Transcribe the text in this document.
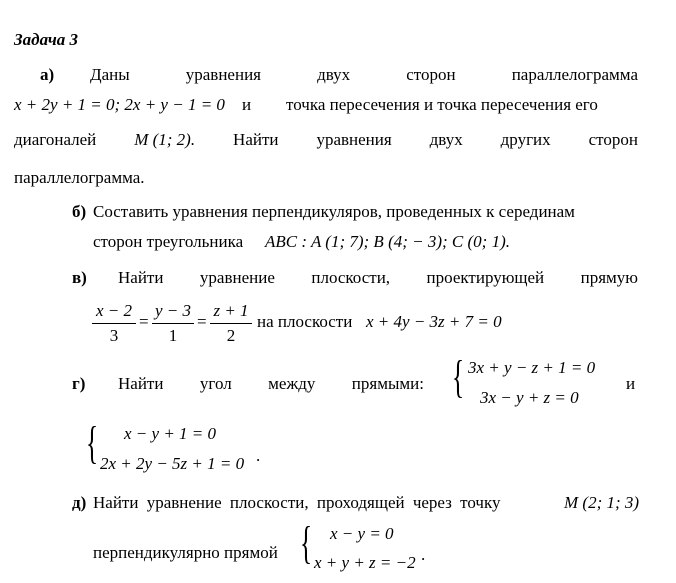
Задача 3
а) Даны	уравнения	двух	сторон	параллелограмма
x + 2y + 1 = 0; 2x + y − 1 = 0 и точка пересечения и точка пересечения его
диагоналей M (1; 2). Найти уравнения двух других сторон
параллелограмма.
б) Составить уравнения перпендикуляров, проведенных к серединам
сторон треугольника ABC : A (1; 7); B (4; − 3); C (0; 1).
в) Найти уравнение плоскости, проектирующей прямую
x − 2
3
=
y − 3
1
=
z + 1
2
на плоскости x + 4y − 3z + 7 = 0
г) Найти угол между прямыми: { 3x + y − z + 1 = 0
3x − y + z = 0
и
{ x − y + 1 = 0
2x + 2y − 5z + 1 = 0 .
д) Найти уравнение плоскости, проходящей через точку	M (2; 1; 3)
перпендикулярно прямой { x − y = 0
x + y + z = −2 .
